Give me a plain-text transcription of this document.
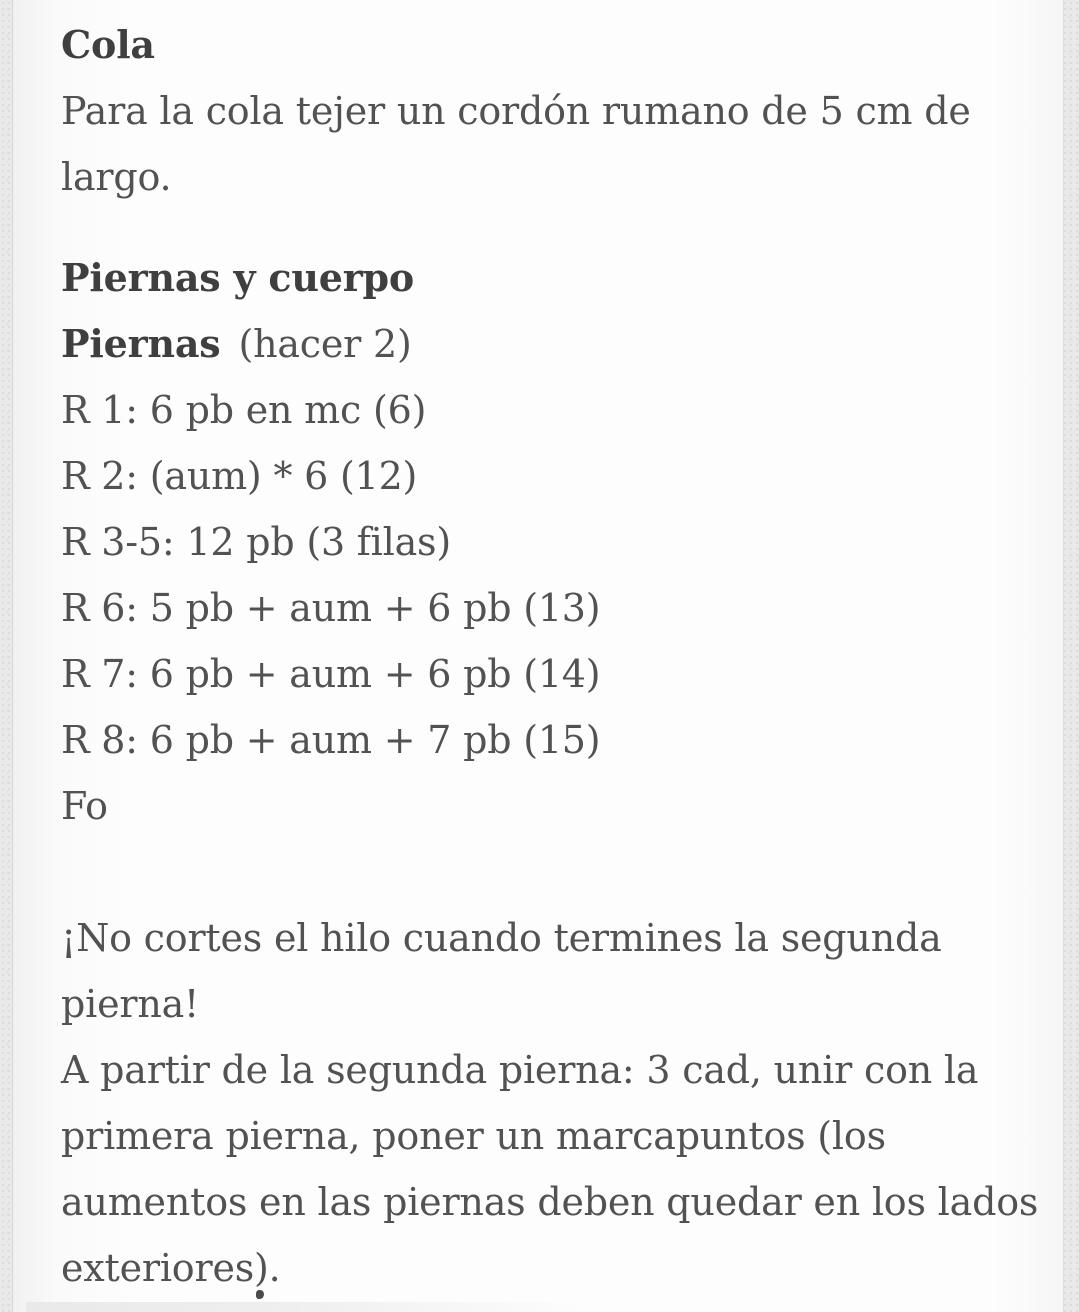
Cola
Para la cola tejer un cordón rumano de 5 cm de
largo.
Piernas y cuerpo
Piernas (hacer 2)
R 1: 6 pb en mc (6)
R 2: (aum) * 6 (12)
R 3-5: 12 pb (3 filas)
R 6: 5 pb + aum + 6 pb (13)
R 7: 6 pb + aum + 6 pb (14)
R 8: 6 pb + aum + 7 pb (15)
Fo
¡No cortes el hilo cuando termines la segunda
pierna!
A partir de la segunda pierna: 3 cad, unir con la
primera pierna, poner un marcapuntos (los
aumentos en las piernas deben quedar en los lados
exteriores).
